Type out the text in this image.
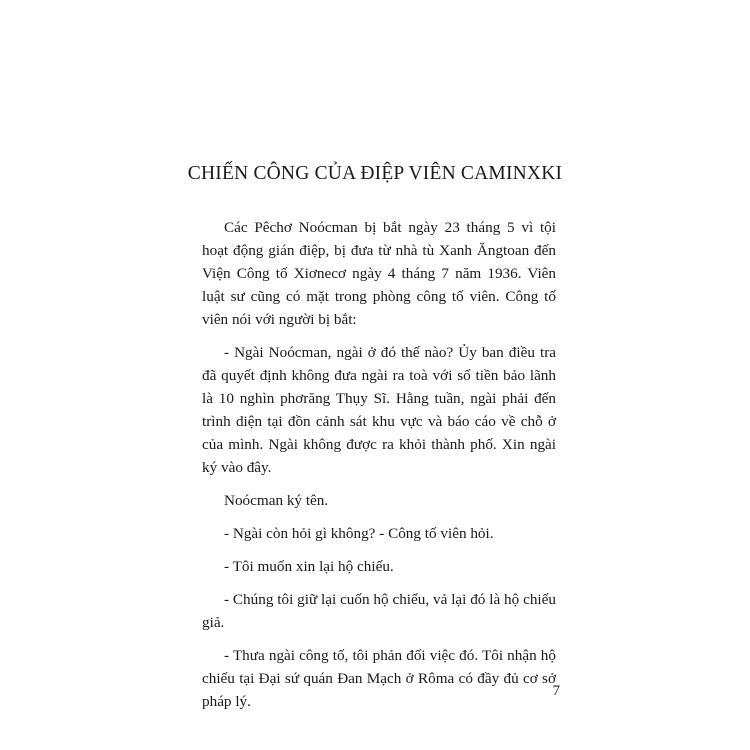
CHIẾN CÔNG CỦA ĐIỆP VIÊN CAMINXKI

Các Pêchơ Noócman bị bắt ngày 23 tháng 5 vì tội hoạt động gián điệp, bị đưa từ nhà tù Xanh Ăngtoan đến Viện Công tố Xiơnecơ ngày 4 tháng 7 năm 1936. Viên luật sư cũng có mặt trong phòng công tố viên. Công tố viên nói với người bị bắt:

- Ngài Noócman, ngài ở đó thế nào? Ủy ban điều tra đã quyết định không đưa ngài ra toà với số tiền bảo lãnh là 10 nghìn phơrăng Thụy Sĩ. Hằng tuần, ngài phải đến trình diện tại đồn cảnh sát khu vực và báo cáo về chỗ ở của mình. Ngài không được ra khỏi thành phố. Xin ngài ký vào đây.

Noócman ký tên.

- Ngài còn hỏi gì không? - Công tố viên hỏi.

- Tôi muốn xin lại hộ chiếu.

- Chúng tôi giữ lại cuốn hộ chiếu, vả lại đó là hộ chiếu giả.

- Thưa ngài công tố, tôi phản đối việc đó. Tôi nhận hộ chiếu tại Đại sứ quán Đan Mạch ở Rôma có đầy đủ cơ sở pháp lý.

7
